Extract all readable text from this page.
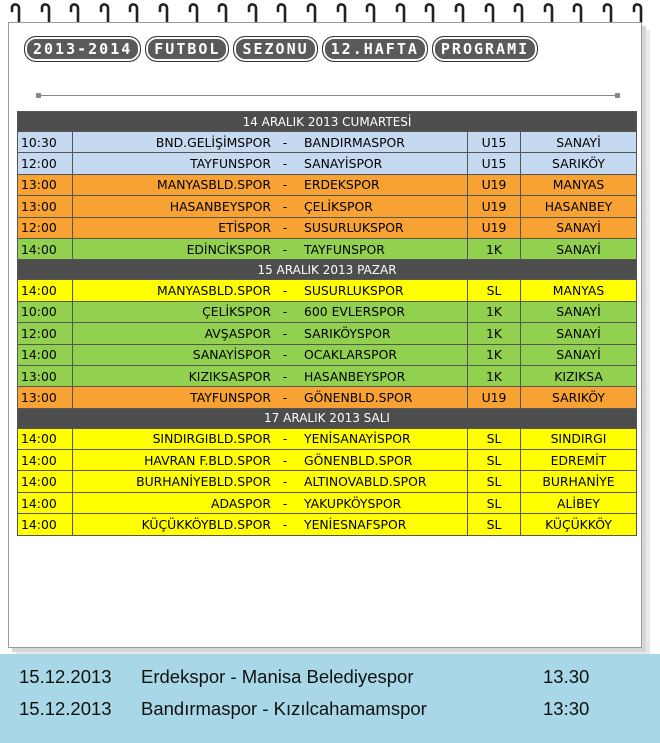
2013-2014 FUTBOL SEZONU 12.HAFTA PROGRAMI
14 ARALIK 2013 CUMARTESİ					
10:30	BND.GELİŞİMSPOR	-	BANDIRMASPOR	U15	SANAYİ
12:00	TAYFUNSPOR	-	SANAYİSPOR	U15	SARIKÖY
13:00	MANYASBLD.SPOR	-	ERDEKSPOR	U19	MANYAS
13:00	HASANBEYSPOR	-	ÇELİKSPOR	U19	HASANBEY
12:00	ETİSPOR	-	SUSURLUKSPOR	U19	SANAYİ
14:00	EDİNCİKSPOR	-	TAYFUNSPOR	1K	SANAYİ
15 ARALIK 2013 PAZAR					
14:00	MANYASBLD.SPOR	-	SUSURLUKSPOR	SL	MANYAS
10:00	ÇELİKSPOR	-	600 EVLERSPOR	1K	SANAYİ
12:00	AVŞASPOR	-	SARIKÖYSPOR	1K	SANAYİ
14:00	SANAYİSPOR	-	OCAKLARSPOR	1K	SANAYİ
13:00	KIZIKSASPOR	-	HASANBEYSPOR	1K	KIZIKSA
13:00	TAYFUNSPOR	-	GÖNENBLD.SPOR	U19	SARIKÖY
17 ARALIK 2013 SALI					
14:00	SINDIRGIBLD.SPOR	-	YENİSANAYİSPOR	SL	SINDIRGI
14:00	HAVRAN F.BLD.SPOR	-	GÖNENBLD.SPOR	SL	EDREMİT
14:00	BURHANİYEBLD.SPOR	-	ALTINOVABLD.SPOR	SL	BURHANİYE
14:00	ADASPOR	-	YAKUPKÖYSPOR	SL	ALİBEY
14:00	KÜÇÜKKÖYBLD.SPOR	-	YENİESNAFSPOR	SL	KÜÇÜKKÖY
15.12.2013 Erdekspor - Manisa Belediyespor	13.30
15.12.2013 Bandırmaspor - Kızılcahamamspor	13:30
